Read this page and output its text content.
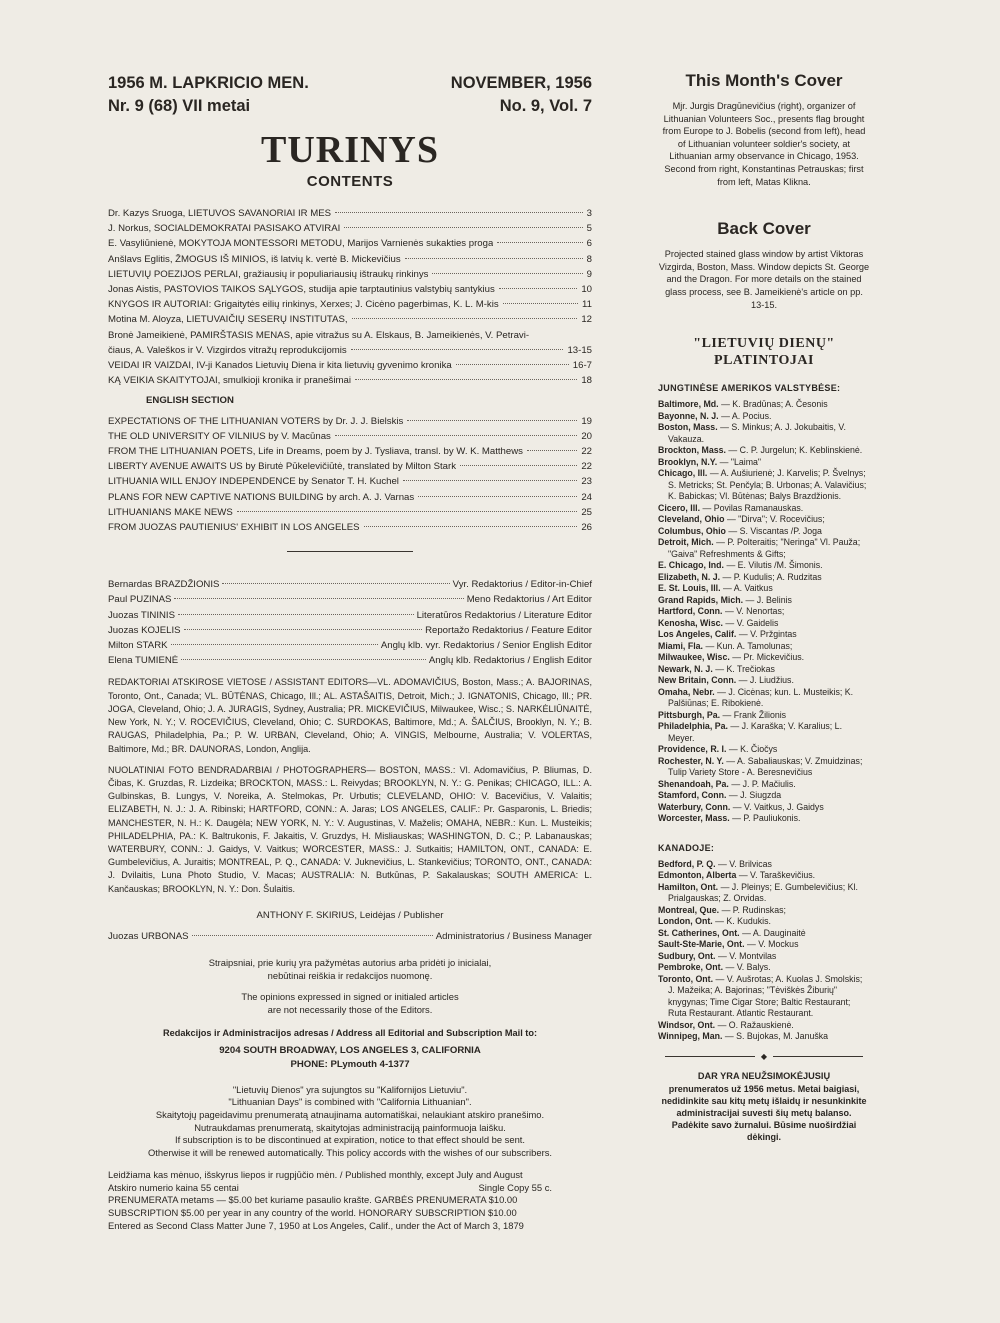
1956 M. LAPKRICIO MEN.
Nr. 9 (68) VII metai
NOVEMBER, 1956
No. 9, Vol. 7
TURINYS
CONTENTS
Dr. Kazys Sruoga, LIETUVOS SAVANORIAI IR MES	3
J. Norkus, SOCIALDEMOKRATAI PASISAKO ATVIRAI	5
E. Vasyliūnienė, MOKYTOJA MONTESSORI METODU, Marijos Varnienės sukakties proga	6
Anšlavs Eglitis, ŽMOGUS IŠ MINIOS, iš latvių k. vertė B. Mickevičius	8
LIETUVIŲ POEZIJOS PERLAI, gražiausių ir populiariausių ištraukų rinkinys	9
Jonas Aistis, PASTOVIOS TAIKOS SĄLYGOS, studija apie tarptautinius valstybių santykius	10
KNYGOS IR AUTORIAI: Grigaitytės eilių rinkinys, Xerxes; J. Cicėno pagerbimas, K. L. M-kis	11
Motina M. Aloyza, LIETUVAIČIŲ SESERŲ INSTITUTAS,	12
Bronė Jameikienė, PAMIRŠTASIS MENAS, apie vitražus su A. Elskaus, B. Jameikienės, V. Petravi-
čiaus, A. Valeškos ir V. Vizgirdos vitražų reprodukcijomis	13-15
VEIDAI IR VAIZDAI, IV-ji Kanados Lietuvių Diena ir kita lietuvių gyvenimo kronika	16-7
KĄ VEIKIA SKAITYTOJAI, smulkioji kronika ir pranešimai	18
ENGLISH SECTION
EXPECTATIONS OF THE LITHUANIAN VOTERS by Dr. J. J. Bielskis	19
THE OLD UNIVERSITY OF VILNIUS by V. Macūnas	20
FROM THE LITHUANIAN POETS, Life in Dreams, poem by J. Tysliava, transl. by W. K. Matthews	22
LIBERTY AVENUE AWAITS US by Birutė Pūkelevičiūtė, translated by Milton Stark	22
LITHUANIA WILL ENJOY INDEPENDENCE by Senator T. H. Kuchel	23
PLANS FOR NEW CAPTIVE NATIONS BUILDING by arch. A. J. Varnas	24
LITHUANIANS MAKE NEWS	25
FROM JUOZAS PAUTIENIUS' EXHIBIT IN LOS ANGELES	26
Bernardas BRAZDŽIONIS	Vyr. Redaktorius / Editor-in-Chief
Paul PUZINAS	Meno Redaktorius / Art Editor
Juozas TININIS	Literatūros Redaktorius / Literature Editor
Juozas KOJELIS	Reportažo Redaktorius / Feature Editor
Milton STARK	Anglų klb. vyr. Redaktorius / Senior English Editor
Elena TUMIENĖ	Anglų klb. Redaktorius / English Editor
REDAKTORIAI ATSKIROSE VIETOSE / ASSISTANT EDITORS—VL. ADOMAVIČIUS, Boston, Mass.; A. BAJORINAS, Toronto, Ont., Canada; VL. BŪTĖNAS, Chicago, Ill.; AL. ASTAŠAITIS, Detroit, Mich.; J. IGNATONIS, Chicago, Ill.; PR. JOGA, Cleveland, Ohio; J. A. JURAGIS, Sydney, Australia; PR. MICKEVIČIUS, Milwaukee, Wisc.; S. NARKĖLIŪNAITĖ, New York, N. Y.; V. ROCEVIČIUS, Cleveland, Ohio; C. SURDOKAS, Baltimore, Md.; A. ŠALČIUS, Brooklyn, N. Y.; B. RAUGAS, Philadelphia, Pa.; P. W. URBAN, Cleveland, Ohio; A. VINGIS, Melbourne, Australia; V. VOLERTAS, Baltimore, Md.; BR. DAUNORAS, London, Anglija.
NUOLATINIAI FOTO BENDRADARBIAI / PHOTOGRAPHERS— BOSTON, MASS.: Vl. Adomavičius, P. Bliumas, D. Čibas, K. Gruzdas, R. Lizdeika; BROCKTON, MASS.: L. Reivydas; BROOKLYN, N. Y.: G. Penikas; CHICAGO, ILL.: A. Gulbinskas, B. Lungys, V. Noreika, A. Stelmokas, Pr. Urbutis; CLEVELAND, OHIO: V. Bacevičius, V. Valaitis; ELIZABETH, N. J.: J. A. Ribinski; HARTFORD, CONN.: A. Jaras; LOS ANGELES, CALIF.: Pr. Gasparonis, L. Briedis; MANCHESTER, N. H.: K. Daugėla; NEW YORK, N. Y.: V. Augustinas, V. Maželis; OMAHA, NEBR.: Kun. L. Musteikis; PHILADELPHIA, PA.: K. Baltrukonis, F. Jakaitis, V. Gruzdys, H. Misliauskas; WASHINGTON, D. C.; P. Labanauskas; WATERBURY, CONN.: J. Gaidys, V. Vaitkus; WORCESTER, MASS.: J. Sutkaitis; HAMILTON, ONT., CANADA: E. Gumbelevičius, A. Juraitis; MONTREAL, P. Q., CANADA: V. Juknevičius, L. Stankevičius; TORONTO, ONT., CANADA: J. Dvilaitis, Luna Photo Studio, V. Macas; AUSTRALIA: N. Butkūnas, P. Sakalauskas; SOUTH AMERICA: L. Kančauskas; BROOKLYN, N. Y.: Don. Šulaitis.
ANTHONY F. SKIRIUS, Leidėjas / Publisher
Juozas URBONAS	Administratorius / Business Manager

Straipsniai, prie kurių yra pažymėtas autorius arba pridėti jo inicialai,
nebūtinai reiškia ir redakcijos nuomonę.

The opinions expressed in signed or initialed articles
are not necessarily those of the Editors.

Redakcijos ir Administracijos adresas / Address all Editorial and Subscription Mail to:
9204 SOUTH BROADWAY, LOS ANGELES 3, CALIFORNIA
PHONE: PLymouth 4-1377
"Lietuvių Dienos" yra sujungtos su "Kalifornijos Lietuviu".
"Lithuanian Days" is combined with "California Lithuanian".
Skaitytojų pageidavimu prenumeratą atnaujinama automatiškai, nelaukiant atskiro pranešimo.
Nutraukdamas prenumeratą, skaitytojas administraciją painformuoja laišku.
If subscription is to be discontinued at expiration, notice to that effect should be sent.
Otherwise it will be renewed automatically. This policy accords with the wishes of our subscribers.
Leidžiama kas mėnuo, išskyrus liepos ir rugpjūčio mėn. / Published monthly, except July and August
Atskiro numerio kaina 55 centai	Single Copy 55 c.
PRENUMERATA metams — $5.00 bet kuriame pasaulio krašte. GARBĖS PRENUMERATA $10.00
SUBSCRIPTION $5.00 per year in any country of the world. HONORARY SUBSCRIPTION $10.00
Entered as Second Class Matter June 7, 1950 at Los Angeles, Calif., under the Act of March 3, 1879
This Month's Cover
Mjr. Jurgis Dragūnevičius (right), organizer of Lithuanian Volunteers Soc., presents flag brought from Europe to J. Bobelis (second from left), head of Lithuanian volunteer soldier's society, at Lithuanian army observance in Chicago, 1953. Second from right, Konstantinas Petrauskas; first from left, Matas Klikna.
Back Cover
Projected stained glass window by artist Viktoras Vizgirda, Boston, Mass. Window depicts St. George and the Dragon. For more details on the stained glass process, see B. Jameikienė's article on pp. 13-15.
"LIETUVIŲ DIENŲ"
PLATINTOJAI
JUNGTINĖSE AMERIKOS VALSTYBĖSE:
Baltimore, Md. — K. Bradūnas; A. Česonis
Bayonne, N. J. — A. Pocius.
Boston, Mass. — S. Minkus; A. J. Jokubaitis, V. Vakauza.
Brockton, Mass. — C. P. Jurgelun; K. Keblinskienė.
Brooklyn, N.Y. — "Laima"
Chicago, Ill. — A. Aušiurienė; J. Karvelis; P. Švelnys; S. Metricks; St. Penčyla; B. Urbonas; A. Valavičius; K. Babickas; Vl. Būtėnas; Balys Brazdžionis.
Cicero, Ill. — Povilas Ramanauskas.
Cleveland, Ohio — "Dirva"; V. Rocevičius;
Columbus, Ohio — S. Viscantas /P. Joga
Detroit, Mich. — P. Polteraitis; "Neringa" Vl. Pauža; "Gaiva" Refreshments & Gifts;
E. Chicago, Ind. — E. Vilutis /M. Šimonis.
Elizabeth, N. J. — P. Kudulis; A. Rudzitas
E. St. Louis, Ill. — A. Vaitkus
Grand Rapids, Mich. — J. Belinis
Hartford, Conn. — V. Nenortas;
Kenosha, Wisc. — V. Gaidelis
Los Angeles, Calif. — V. Pržgintas
Miami, Fla. — Kun. A. Tamolunas;
Milwaukee, Wisc. — Pr. Mickevičius.
Newark, N. J. — K. Trečiokas
New Britain, Conn. — J. Liudžius.
Omaha, Nebr. — J. Cicėnas; kun. L. Musteikis; K. Palšiūnas; E. Ribokienė.
Pittsburgh, Pa. — Frank Žilionis
Philadelphia, Pa. — J. Karaška; V. Karalius; L. Meyer.
Providence, R. I. — K. Čiočys
Rochester, N. Y. — A. Sabaliauskas; V. Zmuidzinas; Tulip Variety Store - A. Beresnevičius
Shenandoah, Pa. — J. P. Mačiulis.
Stamford, Conn. — J. Siugzda
Waterbury, Conn. — V. Vaitkus, J. Gaidys
Worcester, Mass. — P. Pauliukonis.
KANADOJE:
Bedford, P. Q. — V. Brilvicas
Edmonton, Alberta — V. Taraškevičius.
Hamilton, Ont. — J. Pleinys; E. Gumbelevičius; Kl. Prialgauskas; Z. Orvidas.
Montreal, Que. — P. Rudinskas;
London, Ont. — K. Kudukis.
St. Catherines, Ont. — A. Dauginaitė
Sault-Ste-Marie, Ont. — V. Mockus
Sudbury, Ont. — V. Montvilas
Pembroke, Ont. — V. Balys.
Toronto, Ont. — V. Aušrotas; A. Kuolas J. Smolskis; J. Mažeika; A. Bajorinas; "Tėviškės Žiburių" knygynas; Time Cigar Store; Baltic Restaurant; Ruta Restaurant. Atlantic Restaurant.
Windsor, Ont. — O. Ražauskienė.
Winnipeg, Man. — S. Bujokas, M. Januška
◆
DAR YRA NEUŽSIMOKĖJUSIŲ
prenumeratos už 1956 metus. Metai baigiasi, nedidinkite sau kitų metų išlaidų ir nesunkinkite administracijai suvesti šių metų balanso. Padėkite savo žurnalui. Būsime nuoširdžiai dėkingi.
